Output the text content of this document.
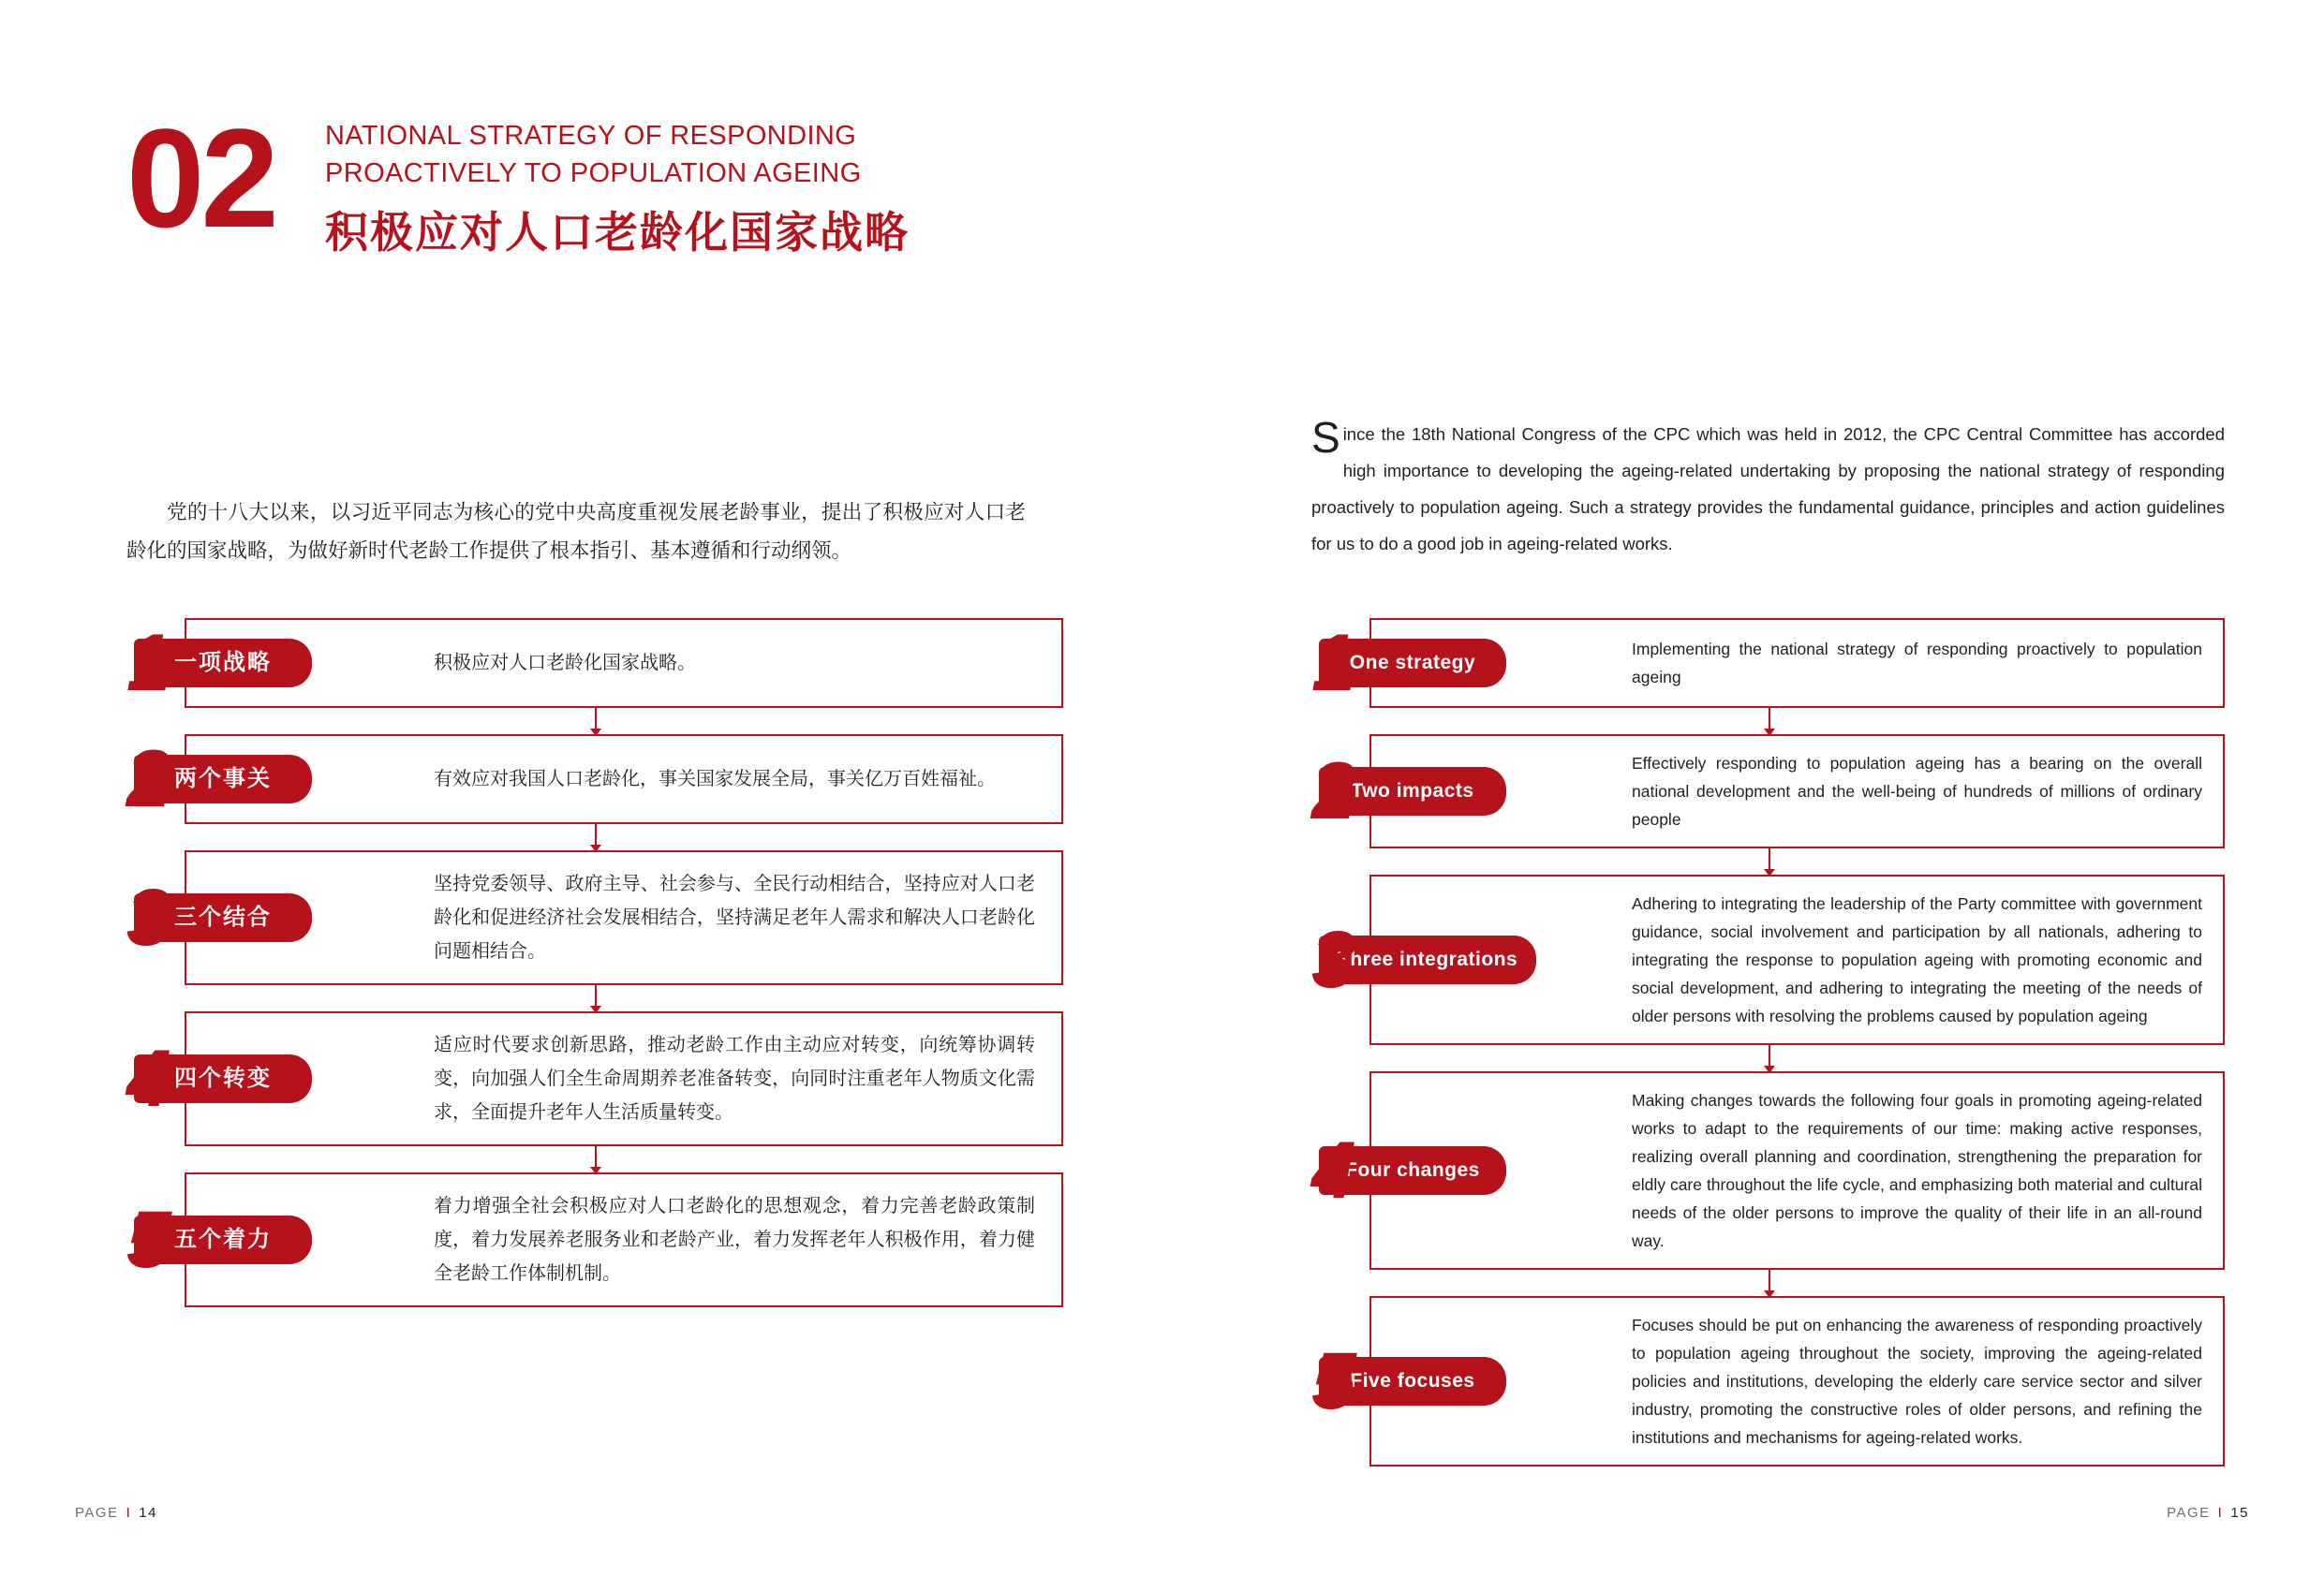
02 NATIONAL STRATEGY OF RESPONDING
PROACTIVELY TO POPULATION AGEING
积极应对人口老龄化国家战略

党的十八大以来，以习近平同志为核心的党中央高度重视发展老龄事业，提出了积极应对人口老龄化的国家战略，为做好新时代老龄工作提供了根本指引、基本遵循和行动纲领。

Since the 18th National Congress of the CPC which was held in 2012, the CPC Central Committee has accorded high importance to developing the ageing-related undertaking by proposing the national strategy of responding proactively to population ageing. Such a strategy provides the fundamental guidance, principles and action guidelines for us to do a good job in ageing-related works.

积极应对人口老龄化国家战略。
一项战略
1
有效应对我国人口老龄化，事关国家发展全局，事关亿万百姓福祉。
两个事关
2
坚持党委领导、政府主导、社会参与、全民行动相结合，坚持应对人口老龄化和促进经济社会发展相结合，坚持满足老年人需求和解决人口老龄化问题相结合。
三个结合
3
适应时代要求创新思路，推动老龄工作由主动应对转变，向统筹协调转变，向加强人们全生命周期养老准备转变，向同时注重老年人物质文化需求，全面提升老年人生活质量转变。
四个转变
4
着力增强全社会积极应对人口老龄化的思想观念，着力完善老龄政策制度，着力发展养老服务业和老龄产业，着力发挥老年人积极作用，着力健全老龄工作体制机制。
五个着力
5
Implementing the national strategy of responding proactively to population ageing
One strategy
1
Effectively responding to population ageing has a bearing on the overall national development and the well-being of hundreds of millions of ordinary people
Two impacts
2
Adhering to integrating the leadership of the Party committee with government guidance, social involvement and participation by all nationals, adhering to integrating the response to population ageing with promoting economic and social development, and adhering to integrating the meeting of the needs of older persons with resolving the problems caused by population ageing
Three integrations
3
Making changes towards the following four goals in promoting ageing-related works to adapt to the requirements of our time: making active responses, realizing overall planning and coordination, strengthening the preparation for eldly care throughout the life cycle, and emphasizing both material and cultural needs of the older persons to improve the quality of their life in an all-round way.
Four changes
4
Focuses should be put on enhancing the awareness of responding proactively to population ageing throughout the society, improving the ageing-related policies and institutions, developing the elderly care service sector and silver industry, promoting the constructive roles of older persons, and refining the institutions and mechanisms for ageing-related works.
Five focuses
5
PAGE I 14	PAGE I 15
